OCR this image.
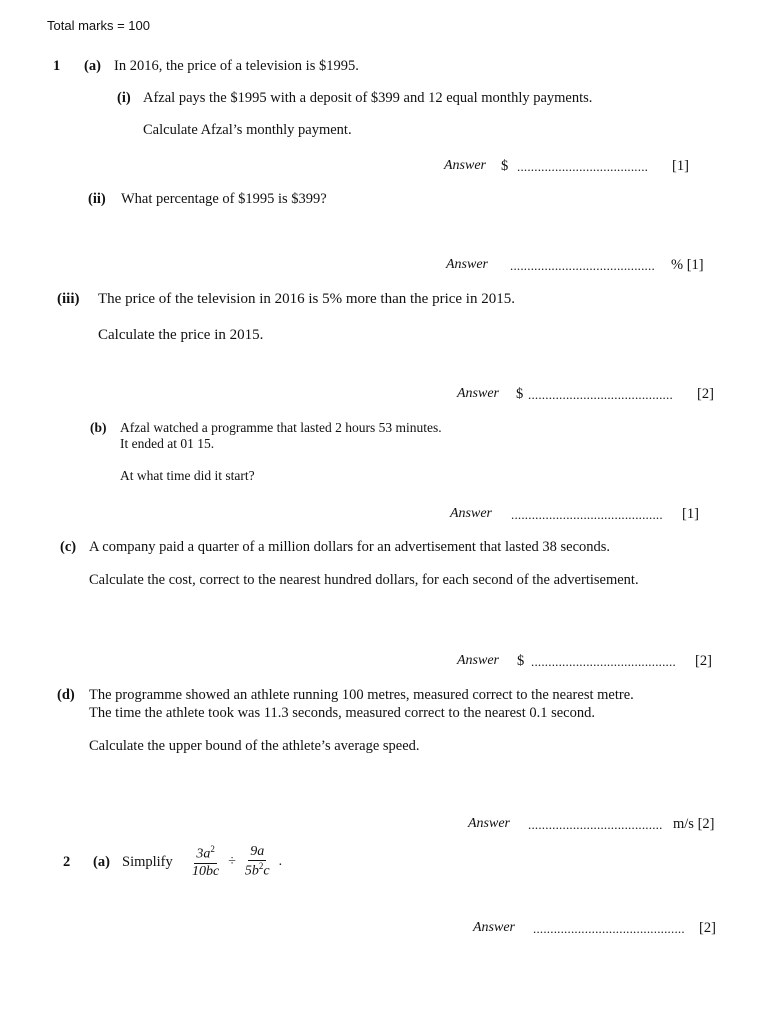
Total marks = 100
1 (a) In 2016, the price of a television is $1995.
(i) Afzal pays the $1995 with a deposit of $399 and 12 equal monthly payments.
Calculate Afzal’s monthly payment.
Answer $ ...................................... [1]
(ii) What percentage of $1995 is $399?
Answer .......................................... % [1]
(iii) The price of the television in 2016 is 5% more than the price in 2015.
Calculate the price in 2015.
Answer $ .......................................... [2]
(b) Afzal watched a programme that lasted 2 hours 53 minutes.
It ended at 01 15.
At what time did it start?
Answer ............................................ [1]
(c) A company paid a quarter of a million dollars for an advertisement that lasted 38 seconds.
Calculate the cost, correct to the nearest hundred dollars, for each second of the advertisement.
Answer $ .......................................... [2]
(d) The programme showed an athlete running 100 metres, measured correct to the nearest metre.
The time the athlete took was 11.3 seconds, measured correct to the nearest 0.1 second.
Calculate the upper bound of the athlete’s average speed.
Answer ....................................... m/s [2]
2 (a) Simplify $\frac{3a^2}{10bc} \div \frac{9a}{5b^2c}$ .
Answer ............................................ [2]
